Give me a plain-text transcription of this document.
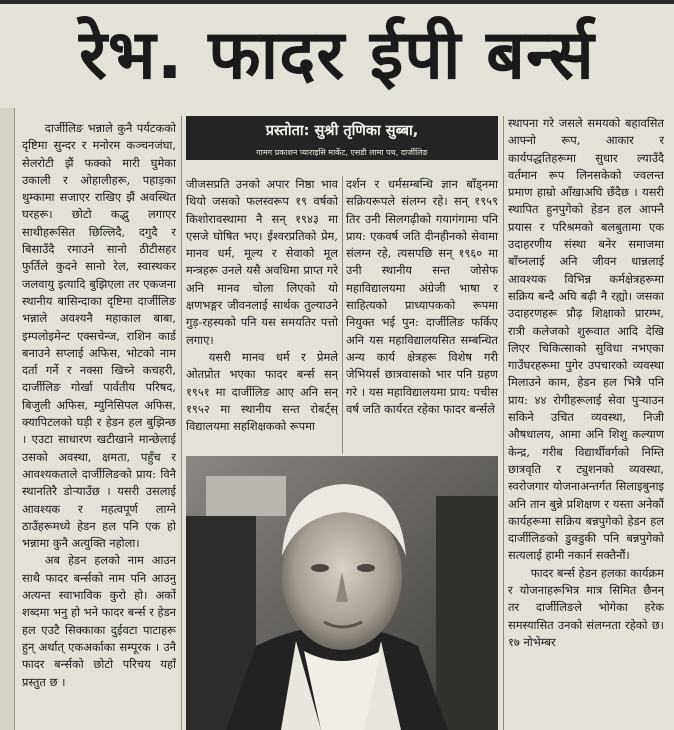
रेभ. फादर ईपी बर्न्स

दार्जीलिङ भन्नाले कुनै पर्यटकको दृष्टिमा सुन्दर र मनोरम कञ्चनजंघा, सेलरोटी झैं फक्को मारी घुमेका उकाली र ओहालीहरू, पहाड़का थुम्कामा सजाएर राखिए झैं अवस्थित घरहरू। छोटो कद्भु लगाएर साथीहरूसित छिल्लिदै, दगुदै र बिसाउँदै रमाउने सानो ठीटीसहर फुर्तिले कुदने सानो रेल, स्वास्थकर जलवायु इत्यादि बुझिएला तर एकजना स्थानीय बासिन्दाका दृष्टिमा दार्जीलिङ भन्नाले अवश्यनै महाकाल बाबा, इम्पलोइमेन्ट एक्सचेन्ज, राशिन कार्ड बनाउने सप्लाई अफिस, भोटको नाम दर्ता गर्ने र नक्सा खिच्ने कचहरी, दार्जीलिङ गोर्खा पार्वतीय परिषद, बिजुली अफिस, म्युनिसिपल अफिस, क्यापिटलको घड़ी र हेडन हल बुझिन्छ । एउटा साधारण खटीखाने मान्छेलाई उसको अवस्था, क्षमता, पहुँच र आवश्यकताले दार्जीलिङको प्राय: विनै स्थानतिरै डोऱ्याउँछ । यसरी उसलाई आवश्यक र महत्वपूर्ण लाग्ने ठाउँहरूमध्ये हेडन हल पनि एक हो भन्नामा कुनै अत्युक्ति नहोला।

अब हेडन हलको नाम आउन साथै फादर बर्न्सको नाम पनि आउनु अत्यन्त स्वाभाविक कुरो हो। अर्को शब्दमा भनु हो भने फादर बर्न्स र हेडन हल एउटै सिक्काका दुईवटा पाटाहरू हुन् अर्थात् एकअर्काका सम्पूरक । उनै फादर बर्न्सको छोटो परिचय यहाँ प्रस्तुत छ ।

प्रस्तोता: सुश्री तृणिका सुब्बा,
गामग प्रकाशन प्याराइसि मार्केट, एसडी लामा पथ, दार्जीलिङ

जीजसप्रति उनको अपार निष्ठा भाव थियो जसको फलस्वरूप १९ वर्षको किशोरावस्थामा नै सन् १९४३ मा एसजे घोषित भए। ईश्वरप्रतिको प्रेम, मानव धर्म, मूल्य र सेवाको मूल मन्त्रहरू उनले यसै अवधिमा प्राप्त गरे अनि मानव चोला लिएको यो क्षणभङ्गर जीवनलाई सार्थक तुल्याउने गुड़-रहस्यको पनि यस समयतिर पत्तो लगाए।

यसरी मानव धर्म र प्रेमले ओतप्रोत भएका फादर बर्न्स सन् १९५१ मा दार्जीलिङ आए अनि सन् १९५२ मा स्थानीय सन्त रोबर्ट्स् विद्यालयमा सहशिक्षकको रूपमा

दर्शन र धर्मसम्बन्धि ज्ञान बाँड्नमा सक्रियरूपले संलग्न रहे। सन् १९५९ तिर उनी सिलगढ़ीको गयागंगामा पनि प्राय: एकवर्ष जति दीनहीनको सेवामा संलग्न रहे, त्यसपछि सन् १९६० मा उनी स्थानीय सन्त जोसेफ महाविद्यालयमा अंग्रेजी भाषा र साहित्यको प्राध्यापकको रूपमा नियुक्त भई पुन: दार्जीलिङ फर्किए अनि यस महाविद्यालयसित सम्बन्धित अन्य कार्य क्षेत्रहरू विशेष गरी जेभियर्स छात्रवासको भार पनि ग्रहण गरे । यस महाविद्यालयमा प्राय: पचीस वर्ष जति कार्यरत रहेका फादर बर्न्सले

स्थापना गरे जसले समयको बहावसित आफ्नो रूप, आकार र कार्यपद्धतिहरूमा सुधार ल्याउँदै वर्तमान रूप लिनसकेको ज्वलन्त प्रमाण हाम्रो आँखाअघि छँदैछ । यसरी स्थापित हुनपुगेको हेडन हल आफ्नै प्रयास र परिश्रमको बलबुतामा एक उदाहरणीय संस्था बनेर समाजमा बाँच्नलाई अनि जीवन धान्नलाई आवश्यक विभिन्न कर्मक्षेत्रहरूमा सक्रिय बन्दै अघि बढ़ी नै रह्यो। जसका उदाहरणहरू प्रौढ़ शिक्षाको प्रारम्भ, रात्री कलेजको शुरूवात आदि देखि लिएर चिकित्साको सुविधा नभएका गाउँघरहरूमा पुगेर उपचारको व्यवस्था मिलाउने काम, हेडन हल भित्रै पनि प्राय: ४४ रोगीहरूलाई सेवा पुऱ्याउन सकिने उचित व्यवस्था, निजी औषधालय, आमा अनि शिशु कल्याण केन्द्र, गरीब विद्यार्थीवर्गको निम्ति छात्रवृति र ट्युशनको व्यवस्था, स्वरोजगार योजनाअन्तर्गत सिलाइबुनाइ अनि तान बुन्ने प्रशिक्षण र यस्ता अनेकौं कार्यहरूमा सक्रिय बन्नपुगेको हेडन हल दार्जीलिङको डुक्डुकी पनि बन्नपुगेको सत्यलाई हामी नकार्न सक्तैनौं।

फादर बर्न्स हेडन हलका कार्यक्रम र योजनाहरूभित्र मात्र सिमित छैनन् तर दार्जीलिङले भोगेका हरेक समस्यासित उनको संलग्नता रहेको छ। १७ नोभेम्बर
